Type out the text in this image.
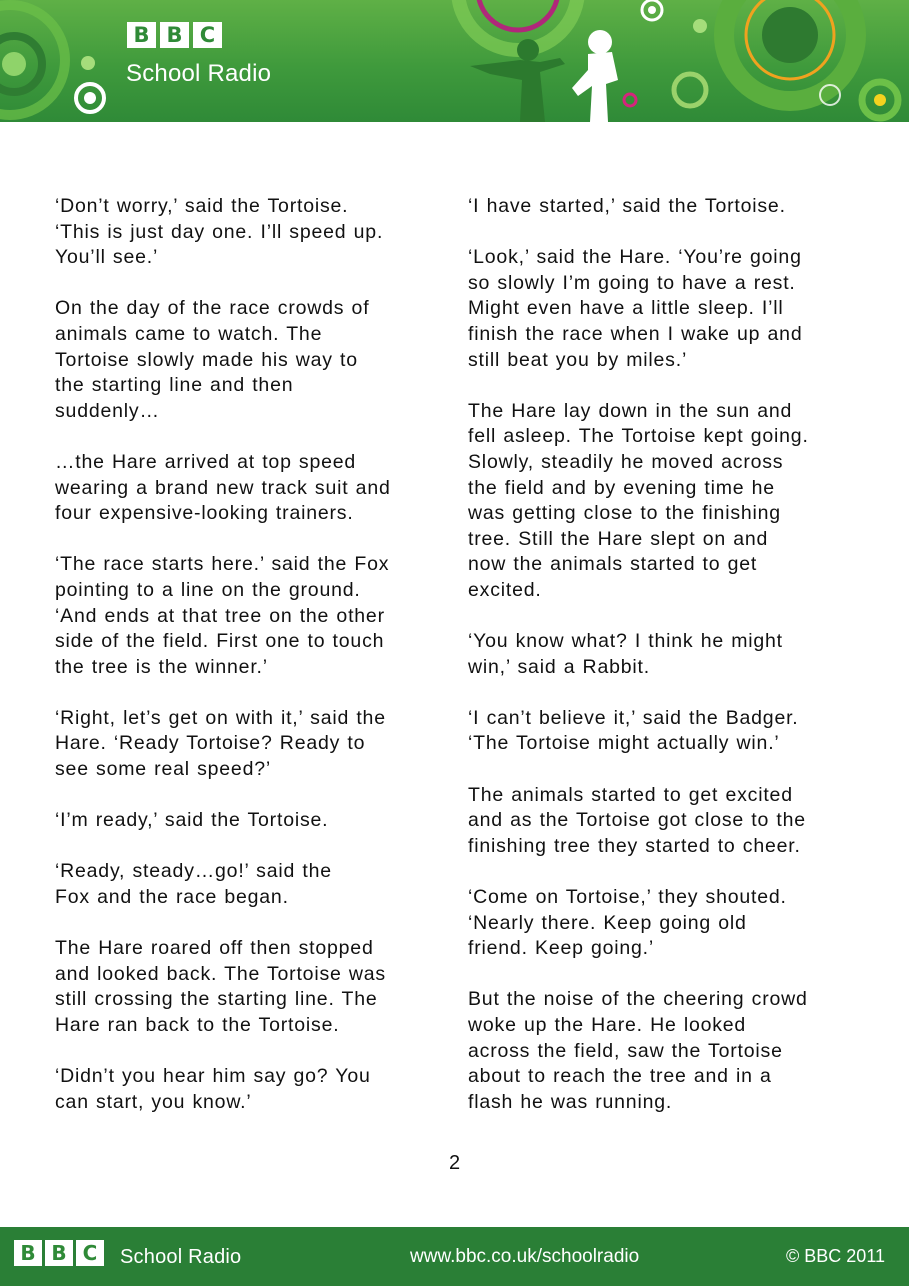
B B C
School Radio

‘Don’t worry,’ said the Tortoise.
‘This is just day one. I’ll speed up.
You’ll see.’

On the day of the race crowds of
animals came to watch. The
Tortoise slowly made his way to
the starting line and then
suddenly…

…the Hare arrived at top speed
wearing a brand new track suit and
four expensive-looking trainers.

‘The race starts here.’ said the Fox
pointing to a line on the ground.
‘And ends at that tree on the other
side of the field. First one to touch
the tree is the winner.’

‘Right, let’s get on with it,’ said the
Hare. ‘Ready Tortoise? Ready to
see some real speed?’

‘I’m ready,’ said the Tortoise.

‘Ready, steady…go!’ said the
Fox and the race began.

The Hare roared off then stopped
and looked back. The Tortoise was
still crossing the starting line. The
Hare ran back to the Tortoise.

‘Didn’t you hear him say go? You
can start, you know.’

‘I have started,’ said the Tortoise.

‘Look,’ said the Hare. ‘You’re going
so slowly I’m going to have a rest.
Might even have a little sleep. I’ll
finish the race when I wake up and
still beat you by miles.’

The Hare lay down in the sun and
fell asleep. The Tortoise kept going.
Slowly, steadily he moved across
the field and by evening time he
was getting close to the finishing
tree. Still the Hare slept on and
now the animals started to get
excited.

‘You know what? I think he might
win,’ said a Rabbit.

‘I can’t believe it,’ said the Badger.
‘The Tortoise might actually win.’

The animals started to get excited
and as the Tortoise got close to the
finishing tree they started to cheer.

‘Come on Tortoise,’ they shouted.
‘Nearly there. Keep going old
friend. Keep going.’

But the noise of the cheering crowd
woke up the Hare. He looked
across the field, saw the Tortoise
about to reach the tree and in a
flash he was running.

2
B B C	School Radio	www.bbc.co.uk/schoolradio	© BBC 2011
